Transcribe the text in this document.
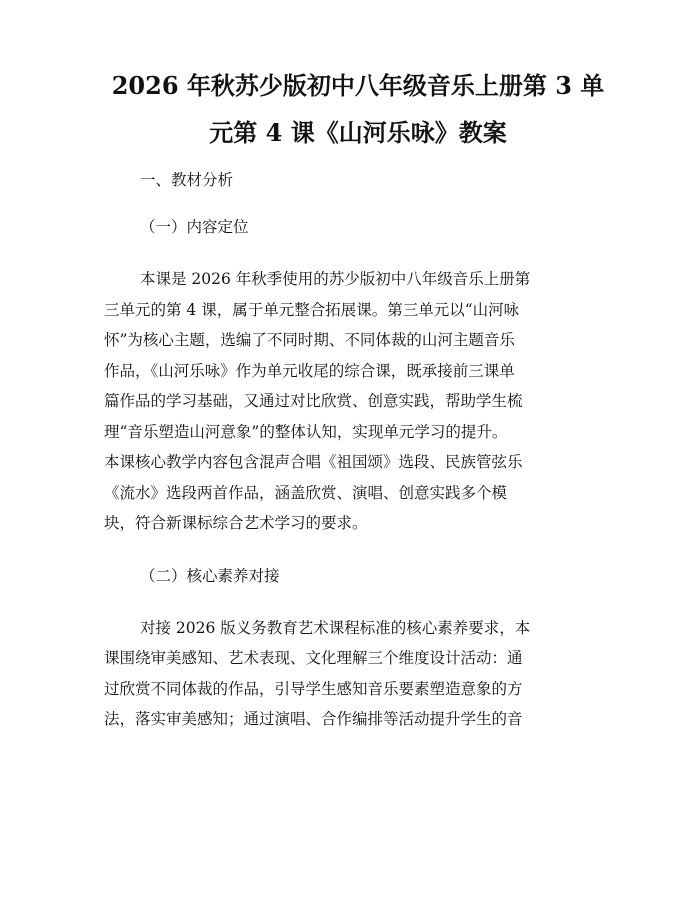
2026 年秋苏少版初中八年级音乐上册第 3 单
元第 4 课《山河乐咏》教案
一、教材分析
（一）内容定位
本课是 2026 年秋季使用的苏少版初中八年级音乐上册第
三单元的第 4 课，属于单元整合拓展课。第三单元以“山河咏
怀”为核心主题，选编了不同时期、不同体裁的山河主题音乐
作品，《山河乐咏》作为单元收尾的综合课，既承接前三课单
篇作品的学习基础，又通过对比欣赏、创意实践，帮助学生梳
理“音乐塑造山河意象”的整体认知，实现单元学习的提升。
本课核心教学内容包含混声合唱《祖国颂》选段、民族管弦乐
《流水》选段两首作品，涵盖欣赏、演唱、创意实践多个模
块，符合新课标综合艺术学习的要求。
（二）核心素养对接
对接 2026 版义务教育艺术课程标准的核心素养要求，本
课围绕审美感知、艺术表现、文化理解三个维度设计活动：通
过欣赏不同体裁的作品，引导学生感知音乐要素塑造意象的方
法，落实审美感知；通过演唱、合作编排等活动提升学生的音
